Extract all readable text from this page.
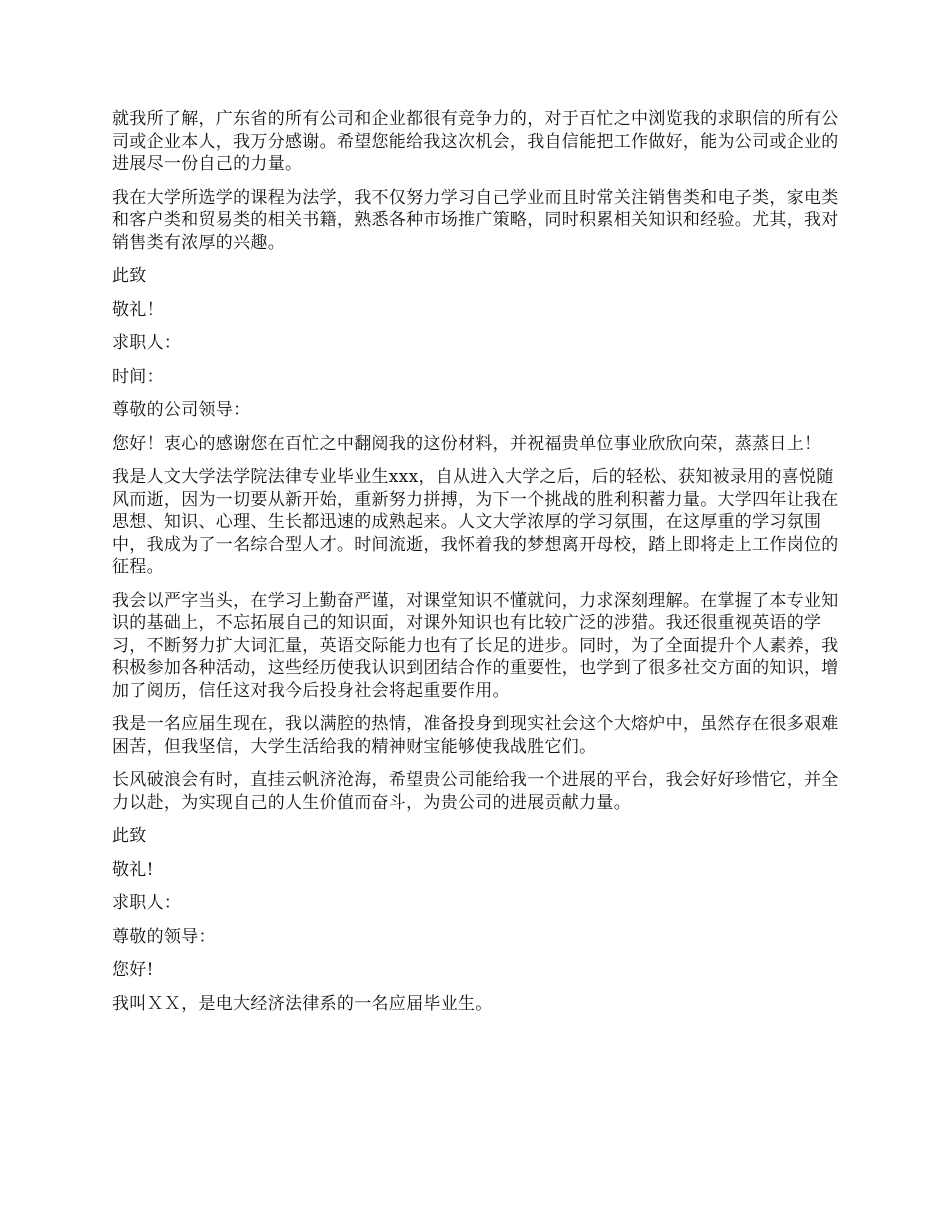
就我所了解，广东省的所有公司和企业都很有竞争力的，对于百忙之中浏览我的求职信的所有公司或企业本人，我万分感谢。希望您能给我这次机会，我自信能把工作做好，能为公司或企业的进展尽一份自己的力量。

我在大学所选学的课程为法学，我不仅努力学习自己学业而且时常关注销售类和电子类，家电类和客户类和贸易类的相关书籍，熟悉各种市场推广策略，同时积累相关知识和经验。尤其，我对销售类有浓厚的兴趣。

此致

敬礼！

求职人：

时间：

尊敬的公司领导：

您好！衷心的感谢您在百忙之中翻阅我的这份材料，并祝福贵单位事业欣欣向荣，蒸蒸日上！

我是人文大学法学院法律专业毕业生xxx，自从进入大学之后，后的轻松、获知被录用的喜悦随风而逝，因为一切要从新开始，重新努力拼搏，为下一个挑战的胜利积蓄力量。大学四年让我在思想、知识、心理、生长都迅速的成熟起来。人文大学浓厚的学习氛围，在这厚重的学习氛围中，我成为了一名综合型人才。时间流逝，我怀着我的梦想离开母校，踏上即将走上工作岗位的征程。

我会以严字当头，在学习上勤奋严谨，对课堂知识不懂就问，力求深刻理解。在掌握了本专业知识的基础上，不忘拓展自己的知识面，对课外知识也有比较广泛的涉猎。我还很重视英语的学习，不断努力扩大词汇量，英语交际能力也有了长足的进步。同时，为了全面提升个人素养，我积极参加各种活动，这些经历使我认识到团结合作的重要性，也学到了很多社交方面的知识，增加了阅历，信任这对我今后投身社会将起重要作用。

我是一名应届生现在，我以满腔的热情，准备投身到现实社会这个大熔炉中，虽然存在很多艰难困苦，但我坚信，大学生活给我的精神财宝能够使我战胜它们。

长风破浪会有时，直挂云帆济沧海，希望贵公司能给我一个进展的平台，我会好好珍惜它，并全力以赴，为实现自己的人生价值而奋斗，为贵公司的进展贡献力量。

此致

敬礼!

求职人：

尊敬的领导：

您好!

我叫ＸＸ，是电大经济法律系的一名应届毕业生。
